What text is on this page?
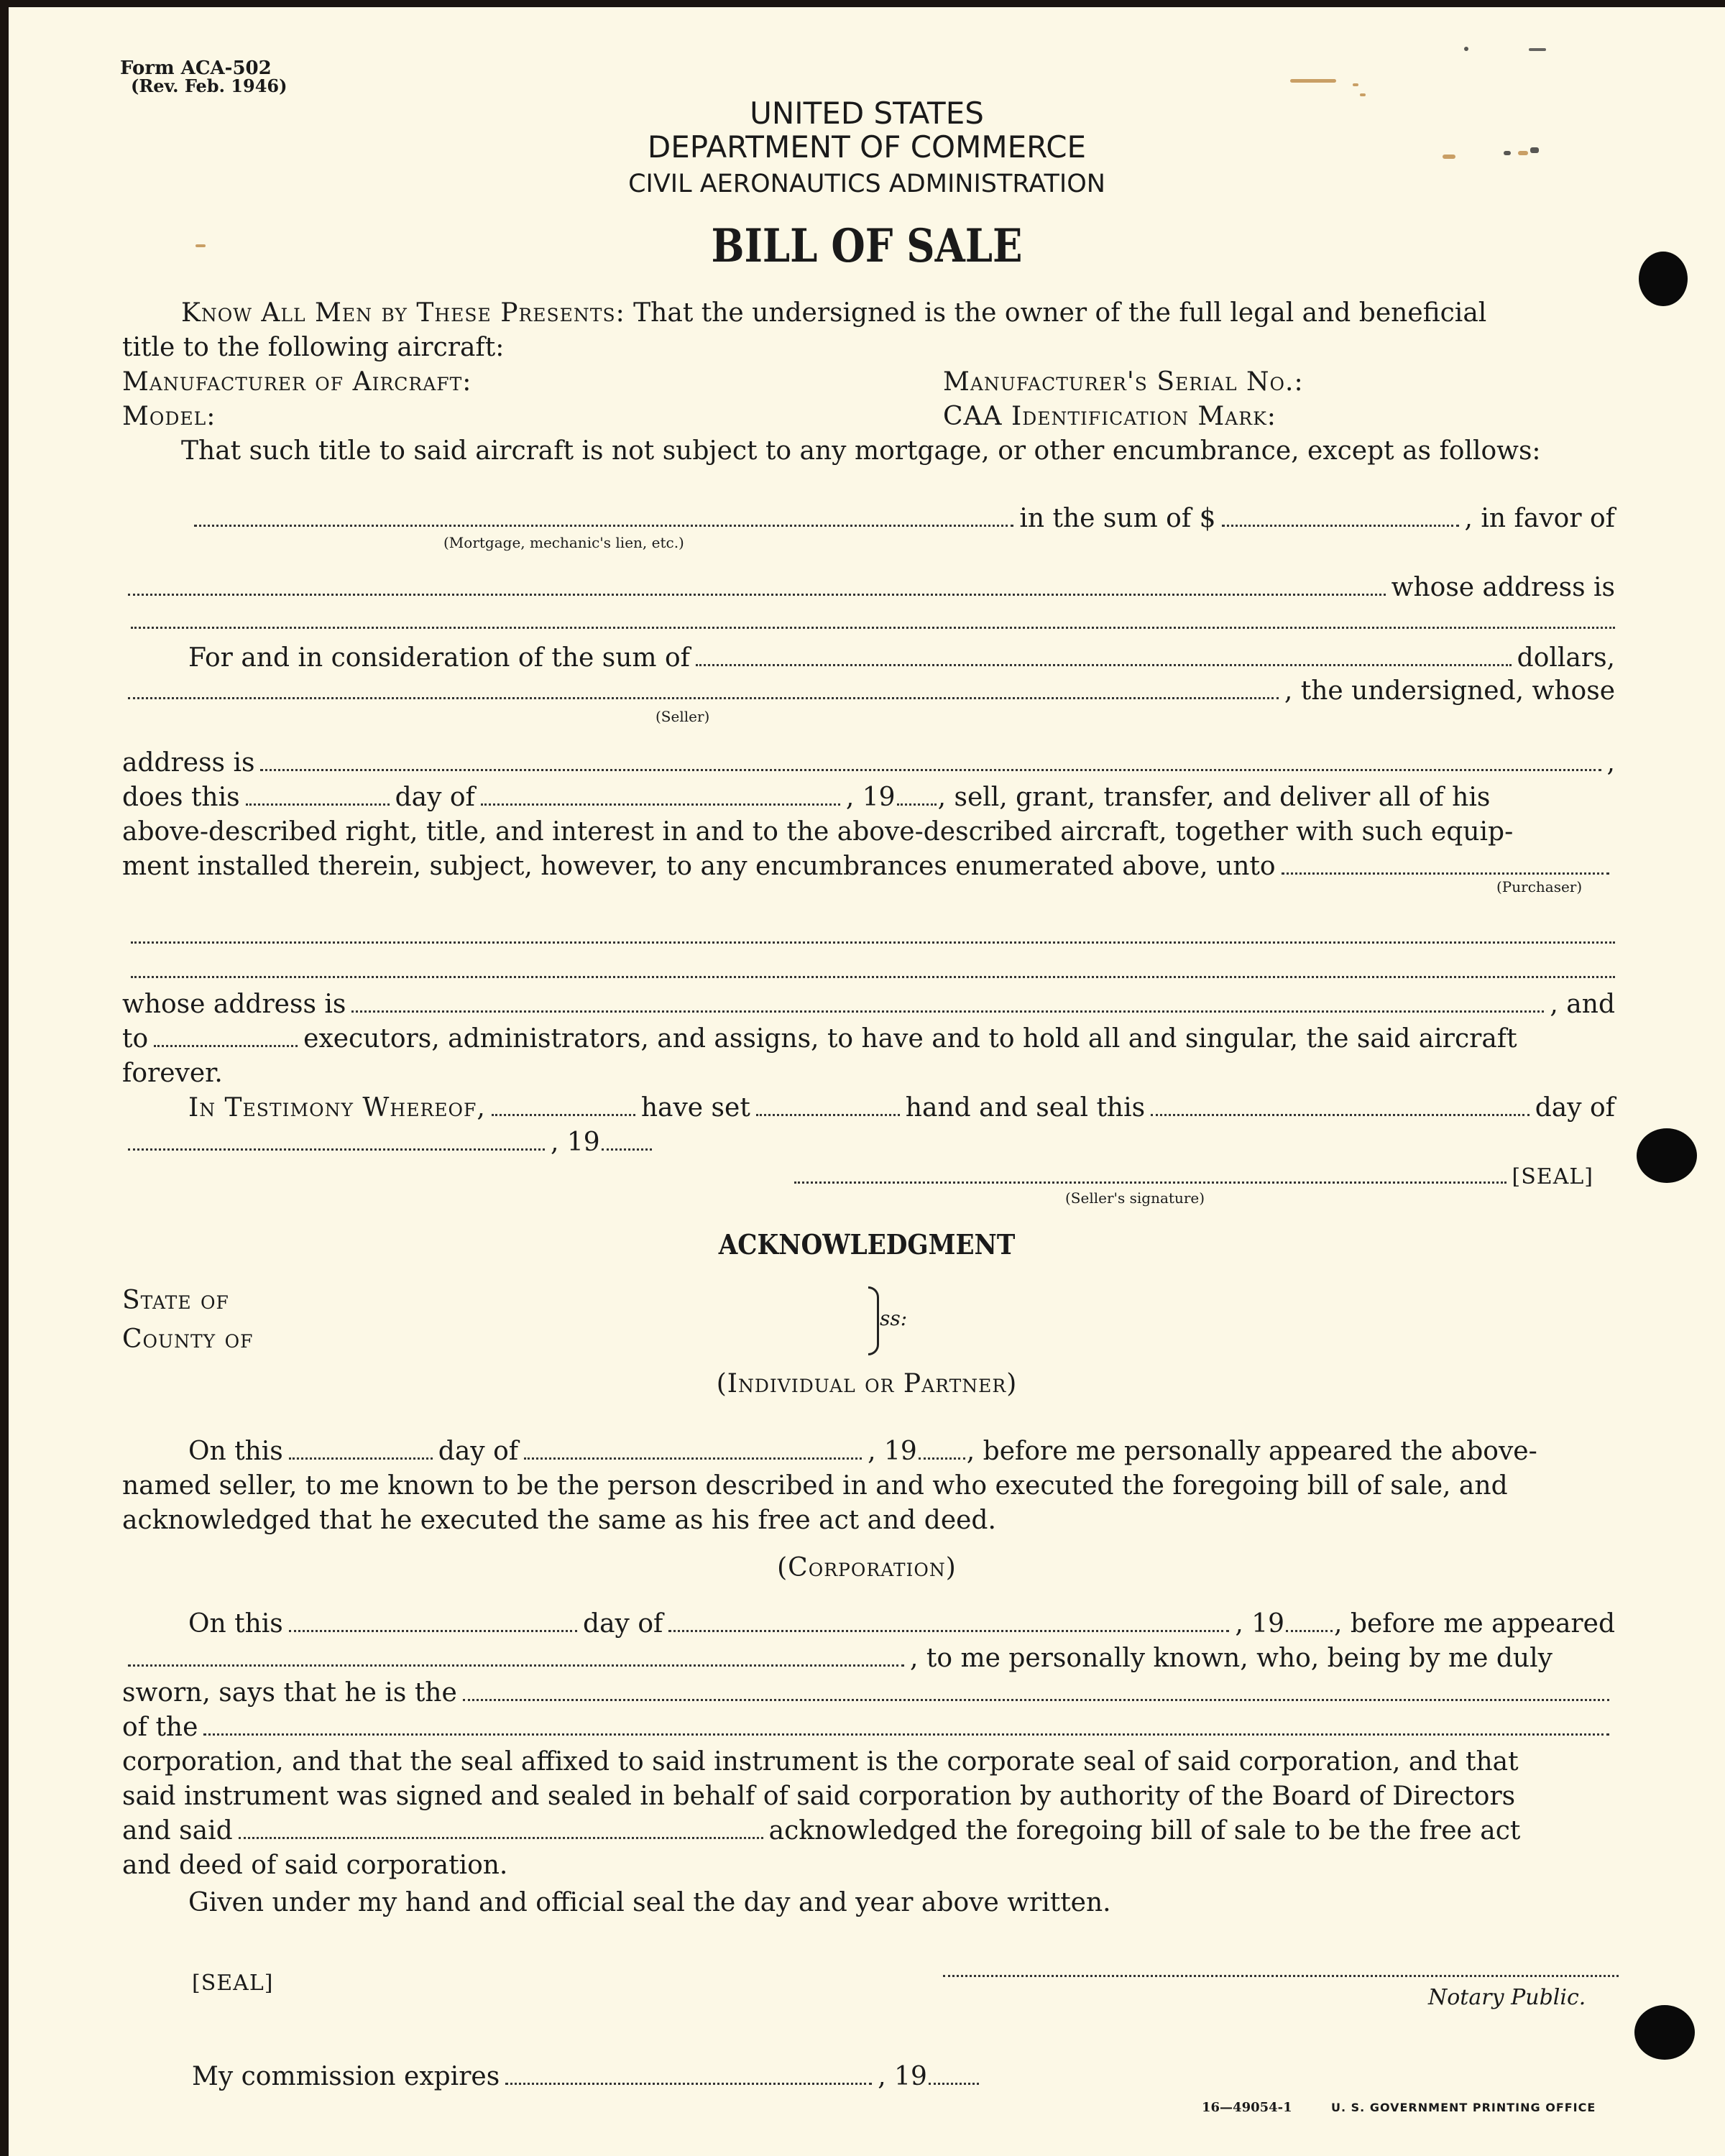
Form ACA-502
(Rev. Feb. 1946)
UNITED STATES
DEPARTMENT OF COMMERCE
CIVIL AERONAUTICS ADMINISTRATION
BILL OF SALE
Know All Men by These Presents: That the undersigned is the owner of the full legal and beneficial
title to the following aircraft:
Manufacturer of Aircraft:	Manufacturer's Serial No.:
Model:	CAA Identification Mark:
That such title to said aircraft is not subject to any mortgage, or other encumbrance, except as follows:
in the sum of $	, in favor of
(Mortgage, mechanic's lien, etc.)
whose address is
For and in consideration of the sum of	dollars,
, the undersigned, whose
(Seller)
address is	,
does this	day of	, 19 , sell, grant, transfer, and deliver all of his
above-described right, title, and interest in and to the above-described aircraft, together with such equip-
ment installed therein, subject, however, to any encumbrances enumerated above, unto
(Purchaser)
whose address is	, and
to	executors, administrators, and assigns, to have and to hold all and singular, the said aircraft
forever.
In Testimony Whereof,	have set	hand and seal this	day of
, 19
[SEAL]
(Seller's signature)
ACKNOWLEDGMENT
State of
County of
ss:
(Individual or Partner)
On this	day of	, 19 , before me personally appeared the above-
named seller, to me known to be the person described in and who executed the foregoing bill of sale, and
acknowledged that he executed the same as his free act and deed.
(Corporation)
On this	day of	, 19 , before me appeared
, to me personally known, who, being by me duly
sworn, says that he is the
of the
corporation, and that the seal affixed to said instrument is the corporate seal of said corporation, and that
said instrument was signed and sealed in behalf of said corporation by authority of the Board of Directors
and said	acknowledged the foregoing bill of sale to be the free act
and deed of said corporation.
Given under my hand and official seal the day and year above written.
[SEAL]
Notary Public.
My commission expires	, 19
16—49054-1	U. S. GOVERNMENT PRINTING OFFICE
